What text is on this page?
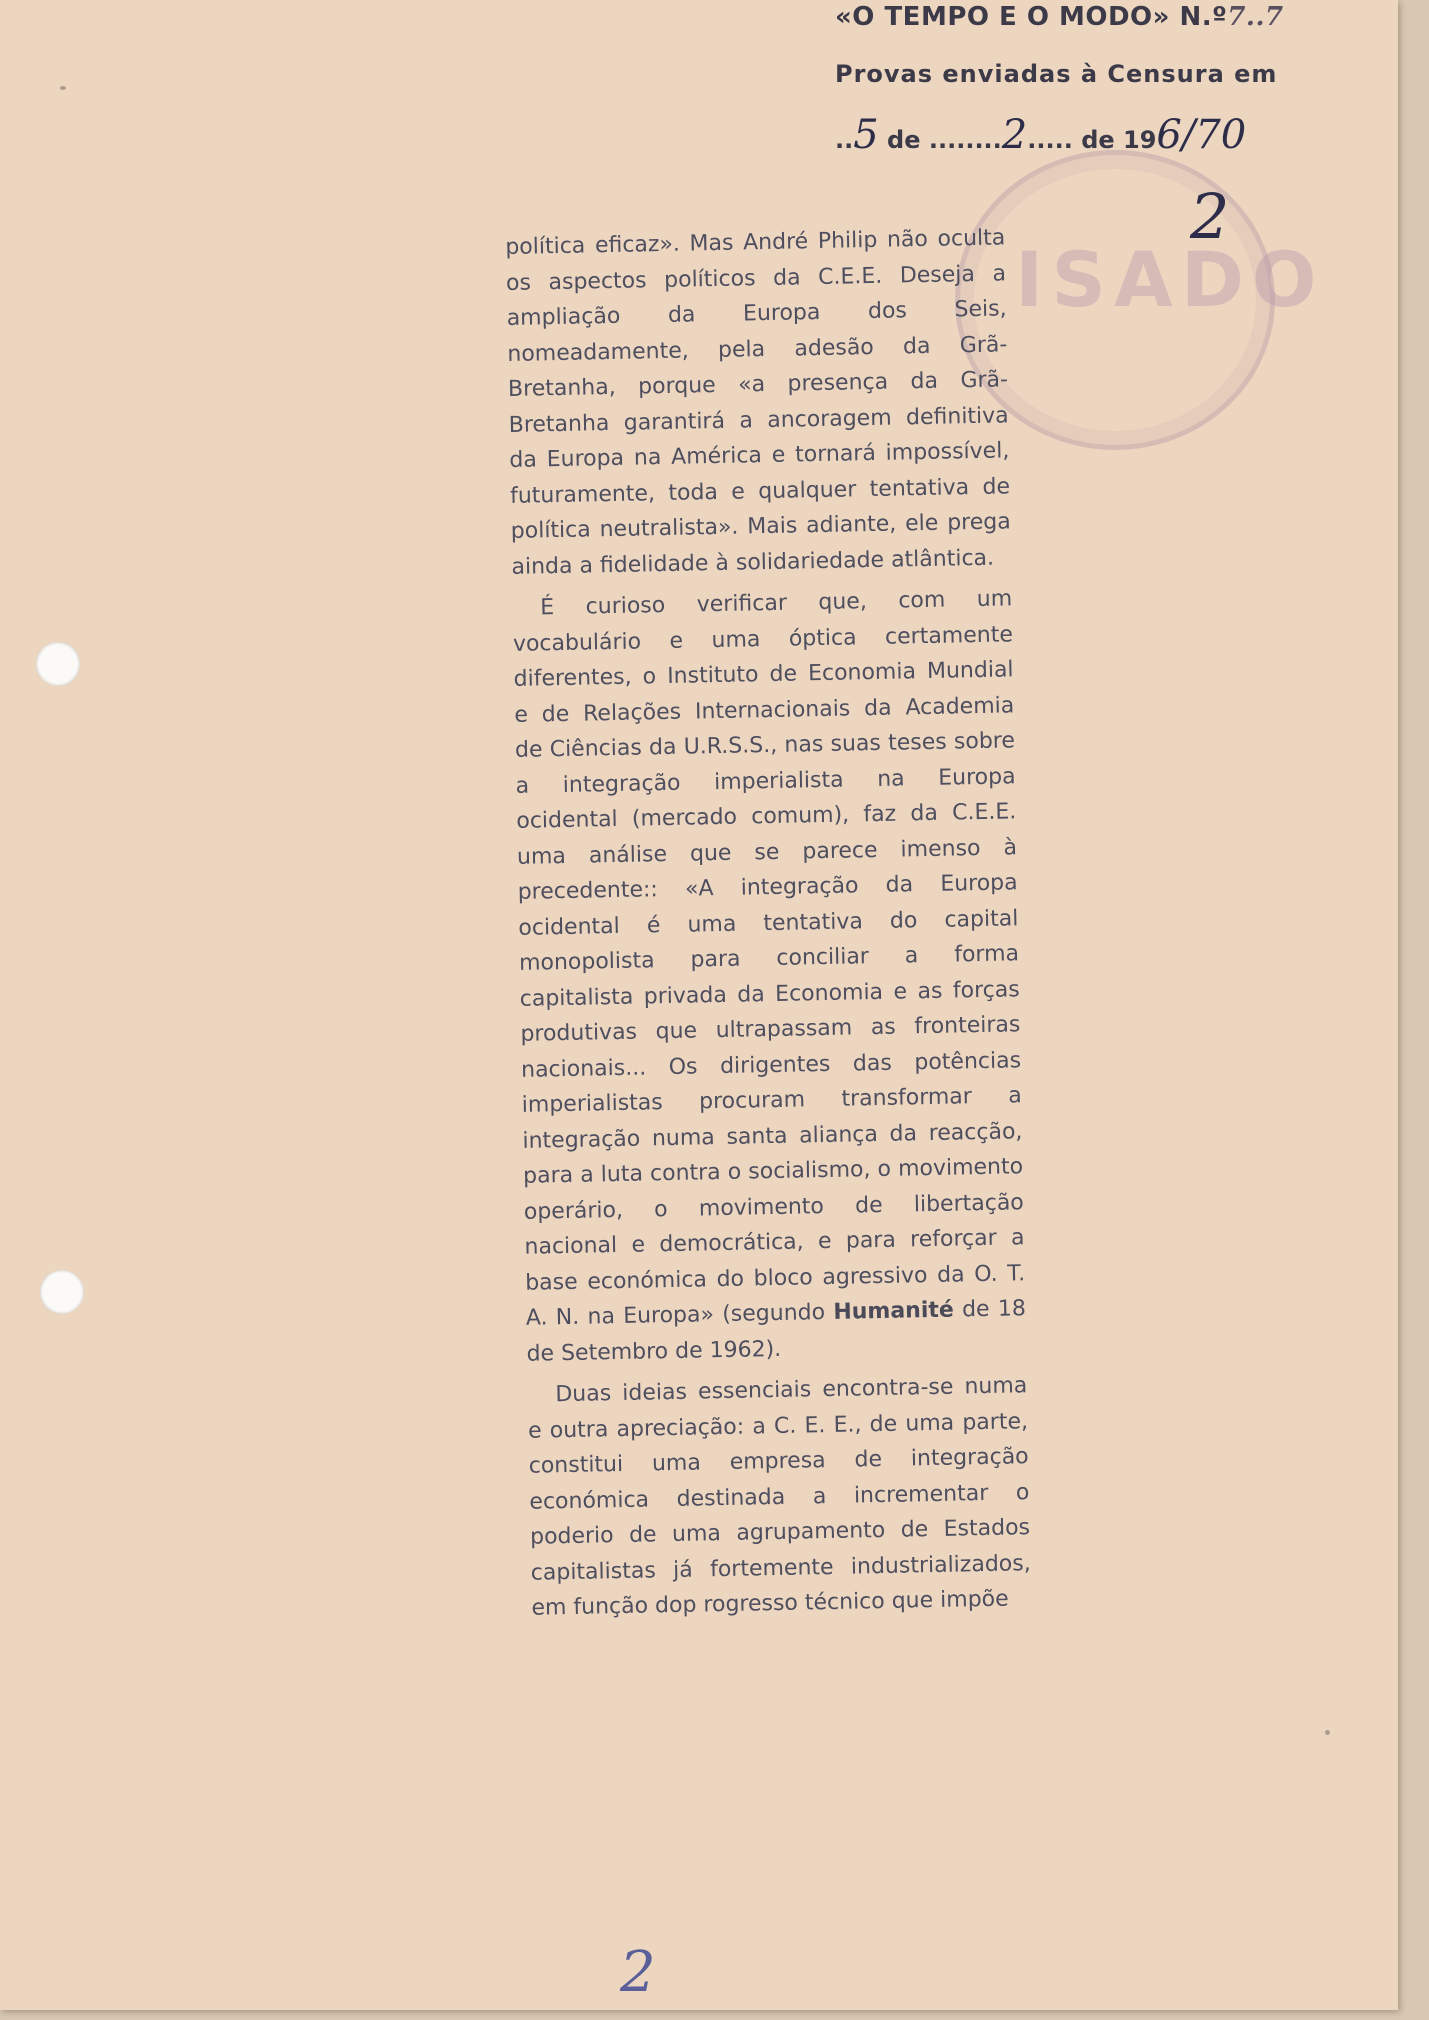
«O TEMPO E O MODO» N.º7..7
Provas enviadas à Censura em
..5 de ........2..... de 196/70
ISADO
2

política eficaz». Mas André Philip não oculta os aspectos políticos da C.E.E. Deseja a ampliação da Europa dos Seis, nomeadamente, pela adesão da Grã-Bretanha, porque «a presença da Grã-Bretanha garantirá a ancoragem definitiva da Europa na América e tornará impossível, futuramente, toda e qualquer tentativa de política neutralista». Mais adiante, ele prega ainda a fidelidade à solidariedade atlântica.

É curioso verificar que, com um vocabulário e uma óptica certamente diferentes, o Instituto de Economia Mundial e de Relações Internacionais da Academia de Ciências da U.R.S.S., nas suas teses sobre a integração imperialista na Europa ocidental (mercado comum), faz da C.E.E. uma análise que se parece imenso à precedente:: «A integração da Europa ocidental é uma tentativa do capital monopolista para conciliar a forma capitalista privada da Economia e as forças produtivas que ultrapassam as fronteiras nacionais... Os dirigentes das potências imperialistas procuram transformar a integração numa santa aliança da reacção, para a luta contra o socialismo, o movimento operário, o movimento de libertação nacional e democrática, e para reforçar a base económica do bloco agressivo da O. T. A. N. na Europa» (segundo Humanité de 18 de Setembro de 1962).

Duas ideias essenciais encontra-se numa e outra apreciação: a C. E. E., de uma parte, constitui uma empresa de integração económica destinada a incrementar o poderio de uma agrupamento de Estados capitalistas já fortemente industrializados, em função dop rogresso técnico que impõe

2
